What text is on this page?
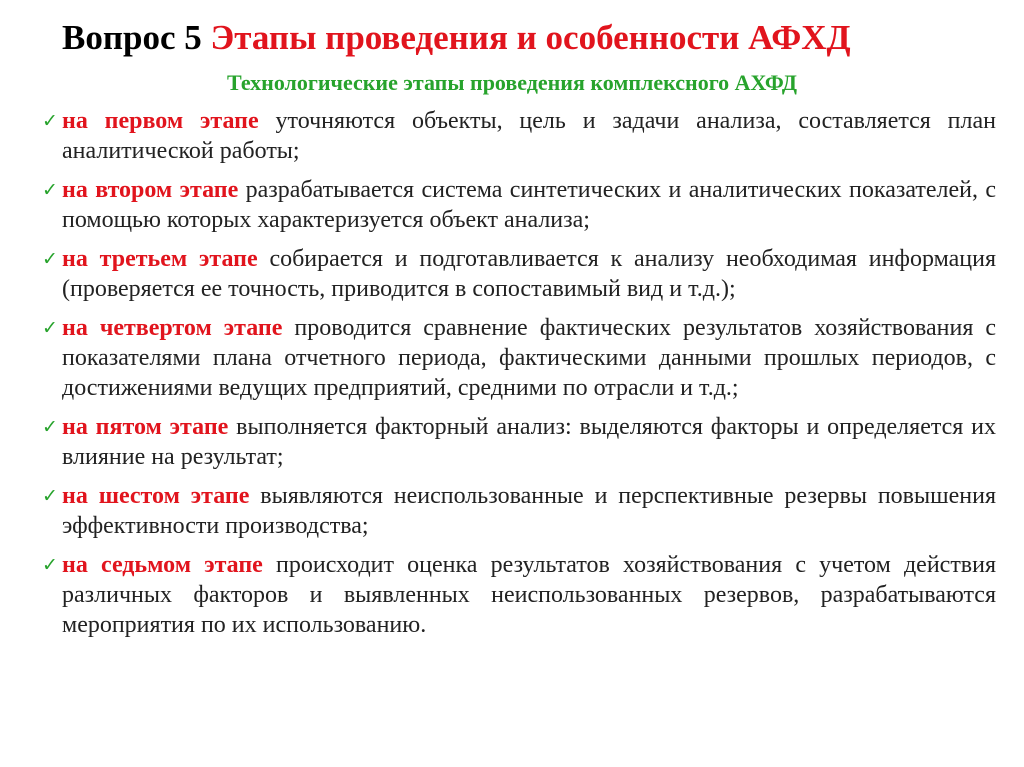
Вопрос 5 Этапы проведения и особенности АФХД
Технологические этапы проведения комплексного АХФД
✓ на первом этапе уточняются объекты, цель и задачи анализа, составляется план аналитической работы;
✓ на втором этапе разрабатывается система синтетических и аналитических показателей, с помощью которых характеризуется объект анализа;
✓ на третьем этапе собирается и подготавливается к анализу необходимая информация (проверяется ее точность, приводится в сопоставимый вид и т.д.);
✓ на четвертом этапе проводится сравнение фактических результатов хозяйствования с показателями плана отчетного периода, фактическими данными прошлых периодов, с достижениями ведущих предприятий, средними по отрасли и т.д.;
✓ на пятом этапе выполняется факторный анализ: выделяются факторы и определяется их влияние на результат;
✓ на шестом этапе выявляются неиспользованные и перспективные резервы повышения эффективности производства;
✓ на седьмом этапе происходит оценка результатов хозяйствования с учетом действия различных факторов и выявленных неиспользованных резервов, разрабатываются мероприятия по их использованию.
